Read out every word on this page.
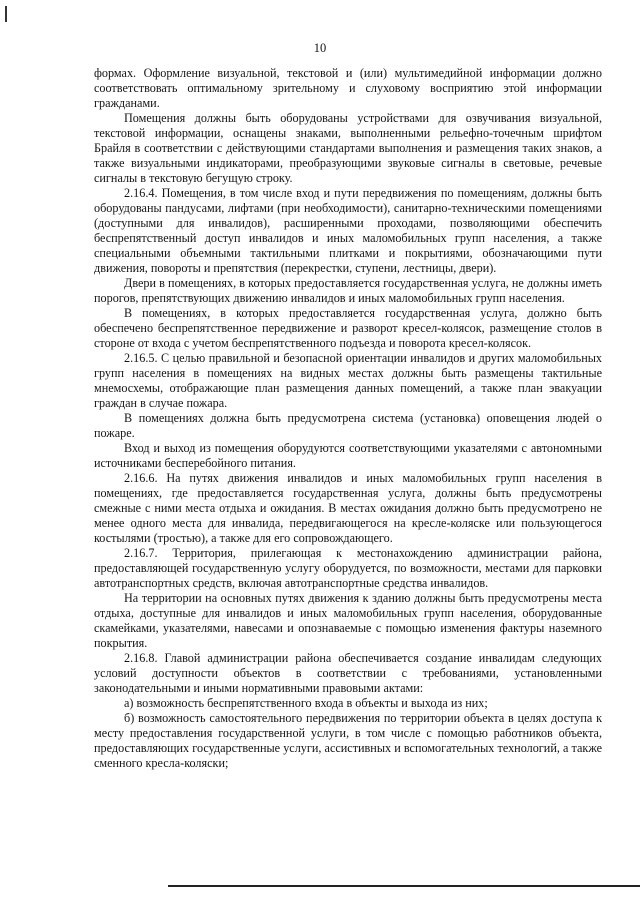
10

формах. Оформление визуальной, текстовой и (или) мультимедийной информации должно соответствовать оптимальному зрительному и слуховому восприятию этой информации гражданами.

Помещения должны быть оборудованы устройствами для озвучивания визуальной, текстовой информации, оснащены знаками, выполненными рельефно-точечным шрифтом Брайля в соответствии с действующими стандартами выполнения и размещения таких знаков, а также визуальными индикаторами, преобразующими звуковые сигналы в световые, речевые сигналы в текстовую бегущую строку.

2.16.4. Помещения, в том числе вход и пути передвижения по помещениям, должны быть оборудованы пандусами, лифтами (при необходимости), санитарно-техническими помещениями (доступными для инвалидов), расширенными проходами, позволяющими обеспечить беспрепятственный доступ инвалидов и иных маломобильных групп населения, а также специальными объемными тактильными плитками и покрытиями, обозначающими пути движения, повороты и препятствия (перекрестки, ступени, лестницы, двери).

Двери в помещениях, в которых предоставляется государственная услуга, не должны иметь порогов, препятствующих движению инвалидов и иных маломобильных групп населения.

В помещениях, в которых предоставляется государственная услуга, должно быть обеспечено беспрепятственное передвижение и разворот кресел-колясок, размещение столов в стороне от входа с учетом беспрепятственного подъезда и поворота кресел-колясок.

2.16.5. С целью правильной и безопасной ориентации инвалидов и других маломобильных групп населения в помещениях на видных местах должны быть размещены тактильные мнемосхемы, отображающие план размещения данных помещений, а также план эвакуации граждан в случае пожара.

В помещениях должна быть предусмотрена система (установка) оповещения людей о пожаре.

Вход и выход из помещения оборудуются соответствующими указателями с автономными источниками бесперебойного питания.

2.16.6. На путях движения инвалидов и иных маломобильных групп населения в помещениях, где предоставляется государственная услуга, должны быть предусмотрены смежные с ними места отдыха и ожидания. В местах ожидания должно быть предусмотрено не менее одного места для инвалида, передвигающегося на кресле-коляске или пользующегося костылями (тростью), а также для его сопровождающего.

2.16.7. Территория, прилегающая к местонахождению администрации района, предоставляющей государственную услугу оборудуется, по возможности, местами для парковки автотранспортных средств, включая автотранспортные средства инвалидов.

На территории на основных путях движения к зданию должны быть предусмотрены места отдыха, доступные для инвалидов и иных маломобильных групп населения, оборудованные скамейками, указателями, навесами и опознаваемые с помощью изменения фактуры наземного покрытия.

2.16.8. Главой администрации района обеспечивается создание инвалидам следующих условий доступности объектов в соответствии с требованиями, установленными законодательными и иными нормативными правовыми актами:

а) возможность беспрепятственного входа в объекты и выхода из них;

б) возможность самостоятельного передвижения по территории объекта в целях доступа к месту предоставления государственной услуги, в том числе с помощью работников объекта, предоставляющих государственные услуги, ассистивных и вспомогательных технологий, а также сменного кресла-коляски;
